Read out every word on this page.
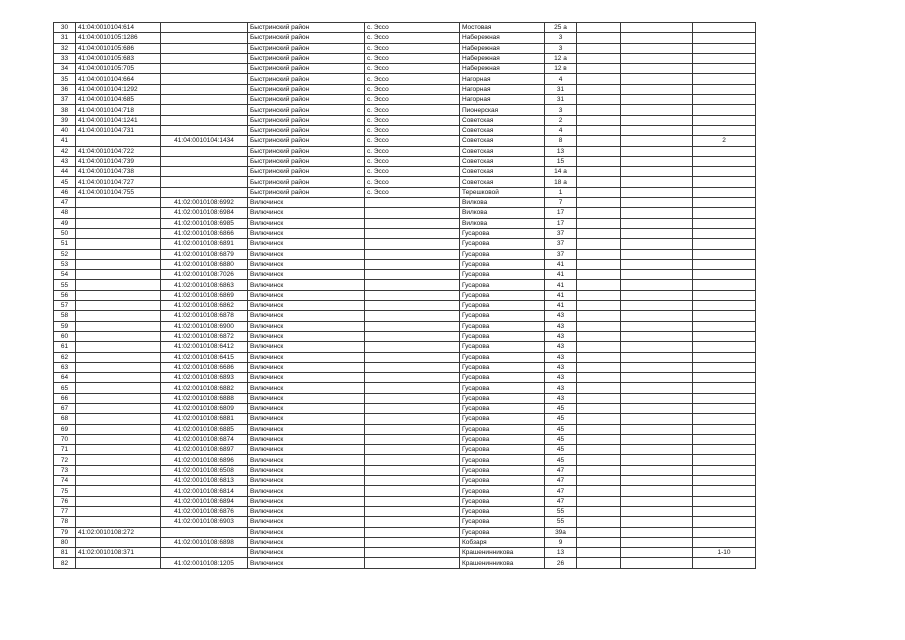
30	41:04:0010104:614		Быстринский район	с. Эссо	Мостовая	25 а			
31	41:04:0010105:1286		Быстринский район	с. Эссо	Набережная	3			
32	41:04:0010105:686		Быстринский район	с. Эссо	Набережная	3			
33	41:04:0010105:683		Быстринский район	с. Эссо	Набережная	12 а			
34	41:04:0010105:705		Быстринский район	с. Эссо	Набережная	12 в			
35	41:04:0010104:664		Быстринский район	с. Эссо	Нагорная	4			
36	41:04:0010104:1292		Быстринский район	с. Эссо	Нагорная	31			
37	41:04:0010104:685		Быстринский район	с. Эссо	Нагорная	31			
38	41:04:0010104:718		Быстринский район	с. Эссо	Пионерская	3			
39	41:04:0010104:1241		Быстринский район	с. Эссо	Советская	2			
40	41:04:0010104:731		Быстринский район	с. Эссо	Советская	4			
41		41:04:0010104:1434	Быстринский район	с. Эссо	Советская	8			2
42	41:04:0010104:722		Быстринский район	с. Эссо	Советская	13			
43	41:04:0010104:739		Быстринский район	с. Эссо	Советская	15			
44	41:04:0010104:738		Быстринский район	с. Эссо	Советская	14 а			
45	41:04:0010104:727		Быстринский район	с. Эссо	Советская	18 а			
46	41:04:0010104:755		Быстринский район	с. Эссо	Терешковой	1			
47		41:02:0010108:6992	Вилючинск		Вилкова	7			
48		41:02:0010108:6984	Вилючинск		Вилкова	17			
49		41:02:0010108:6985	Вилючинск		Вилкова	17			
50		41:02:0010108:6866	Вилючинск		Гусарова	37			
51		41:02:0010108:6891	Вилючинск		Гусарова	37			
52		41:02:0010108:6879	Вилючинск		Гусарова	37			
53		41:02:0010108:6880	Вилючинск		Гусарова	41			
54		41:02:0010108:7026	Вилючинск		Гусарова	41			
55		41:02:0010108:6863	Вилючинск		Гусарова	41			
56		41:02:0010108:6869	Вилючинск		Гусарова	41			
57		41:02:0010108:6862	Вилючинск		Гусарова	41			
58		41:02:0010108:6878	Вилючинск		Гусарова	43			
59		41:02:0010108:6900	Вилючинск		Гусарова	43			
60		41:02:0010108:6872	Вилючинск		Гусарова	43			
61		41:02:0010108:6412	Вилючинск		Гусарова	43			
62		41:02:0010108:6415	Вилючинск		Гусарова	43			
63		41:02:0010108:6686	Вилючинск		Гусарова	43			
64		41:02:0010108:6893	Вилючинск		Гусарова	43			
65		41:02:0010108:6882	Вилючинск		Гусарова	43			
66		41:02:0010108:6888	Вилючинск		Гусарова	43			
67		41:02:0010108:6809	Вилючинск		Гусарова	45			
68		41:02:0010108:6881	Вилючинск		Гусарова	45			
69		41:02:0010108:6885	Вилючинск		Гусарова	45			
70		41:02:0010108:6874	Вилючинск		Гусарова	45			
71		41:02:0010108:6897	Вилючинск		Гусарова	45			
72		41:02:0010108:6896	Вилючинск		Гусарова	45			
73		41:02:0010108:6508	Вилючинск		Гусарова	47			
74		41:02:0010108:6813	Вилючинск		Гусарова	47			
75		41:02:0010108:6814	Вилючинск		Гусарова	47			
76		41:02:0010108:6894	Вилючинск		Гусарова	47			
77		41:02:0010108:6876	Вилючинск		Гусарова	55			
78		41:02:0010108:6903	Вилючинск		Гусарова	55			
79	41:02:0010108:272		Вилючинск		Гусарова	39а			
80		41:02:0010108:6898	Вилючинск		Кобзаря	9			
81	41:02:0010108:371		Вилючинск		Крашенинникова	13			1-10
82		41:02:0010108:1205	Вилючинск		Крашенинникова	26			
